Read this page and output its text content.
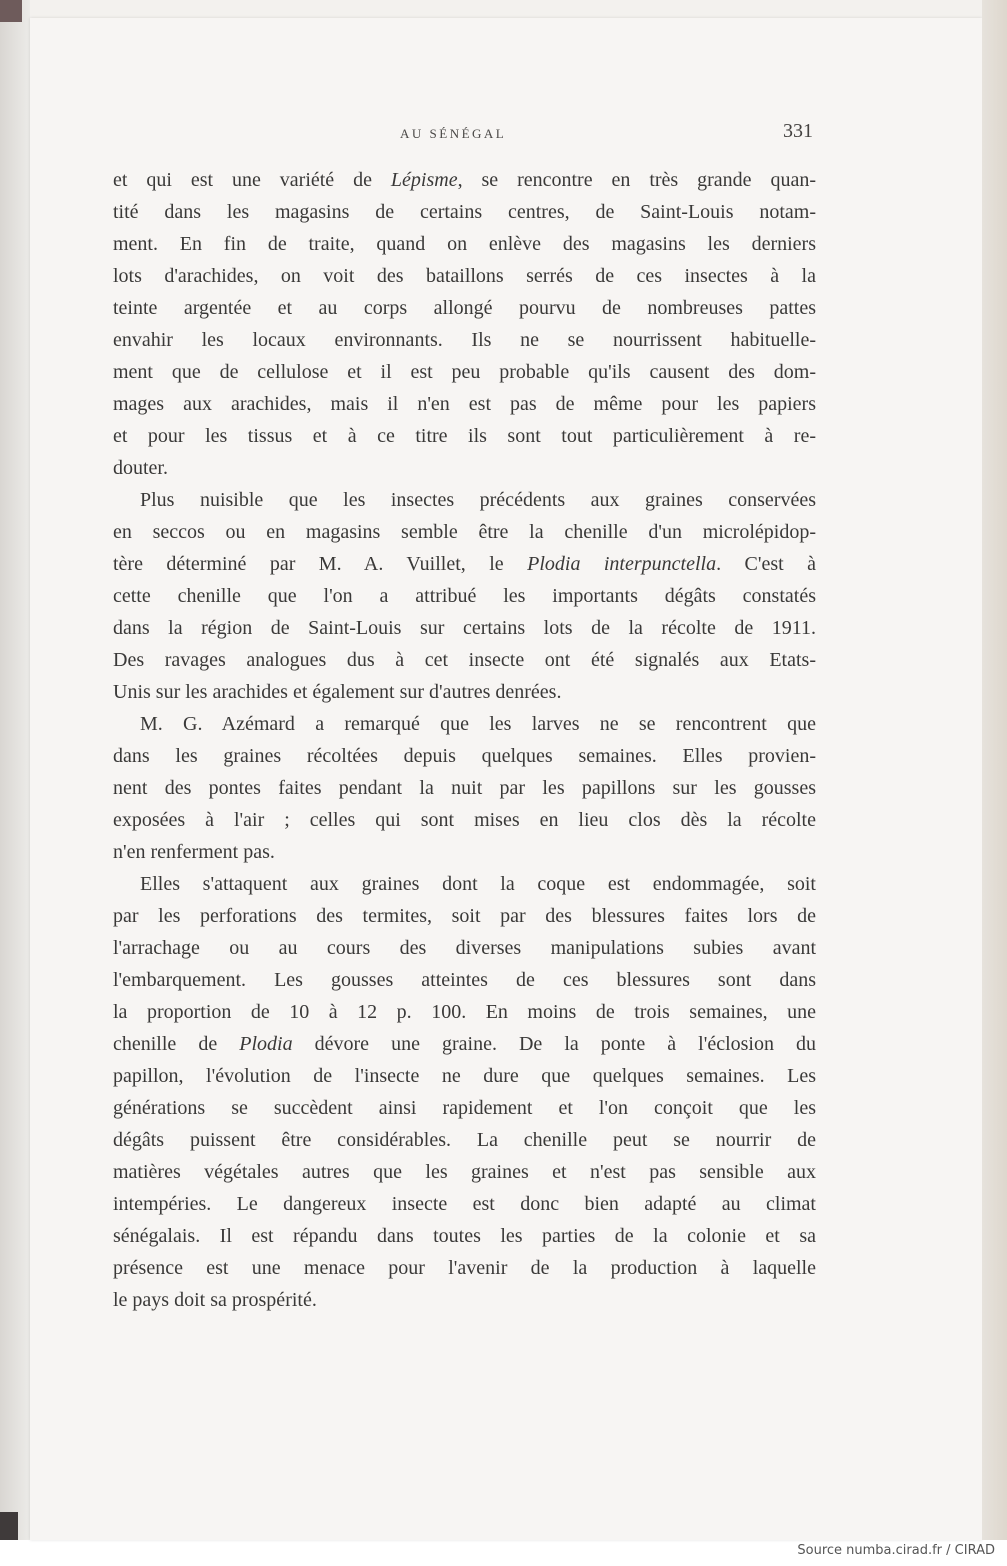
AU SÉNÉGAL	331
et qui est une variété de Lépisme, se rencontre en très grande quan-
tité dans les magasins de certains centres, de Saint-Louis notam-
ment. En fin de traite, quand on enlève des magasins les derniers
lots d'arachides, on voit des bataillons serrés de ces insectes à la
teinte argentée et au corps allongé pourvu de nombreuses pattes
envahir les locaux environnants. Ils ne se nourrissent habituelle-
ment que de cellulose et il est peu probable qu'ils causent des dom-
mages aux arachides, mais il n'en est pas de même pour les papiers
et pour les tissus et à ce titre ils sont tout particulièrement à re-
douter.
Plus nuisible que les insectes précédents aux graines conservées
en seccos ou en magasins semble être la chenille d'un microlépidop-
tère déterminé par M. A. Vuillet, le Plodia interpunctella. C'est à
cette chenille que l'on a attribué les importants dégâts constatés
dans la région de Saint-Louis sur certains lots de la récolte de 1911.
Des ravages analogues dus à cet insecte ont été signalés aux Etats-
Unis sur les arachides et également sur d'autres denrées.
M. G. Azémard a remarqué que les larves ne se rencontrent que
dans les graines récoltées depuis quelques semaines. Elles provien-
nent des pontes faites pendant la nuit par les papillons sur les gousses
exposées à l'air ; celles qui sont mises en lieu clos dès la récolte
n'en renferment pas.
Elles s'attaquent aux graines dont la coque est endommagée, soit
par les perforations des termites, soit par des blessures faites lors de
l'arrachage ou au cours des diverses manipulations subies avant
l'embarquement. Les gousses atteintes de ces blessures sont dans
la proportion de 10 à 12 p. 100. En moins de trois semaines, une
chenille de Plodia dévore une graine. De la ponte à l'éclosion du
papillon, l'évolution de l'insecte ne dure que quelques semaines. Les
générations se succèdent ainsi rapidement et l'on conçoit que les
dégâts puissent être considérables. La chenille peut se nourrir de
matières végétales autres que les graines et n'est pas sensible aux
intempéries. Le dangereux insecte est donc bien adapté au climat
sénégalais. Il est répandu dans toutes les parties de la colonie et sa
présence est une menace pour l'avenir de la production à laquelle
le pays doit sa prospérité.
Source numba.cirad.fr / CIRAD
